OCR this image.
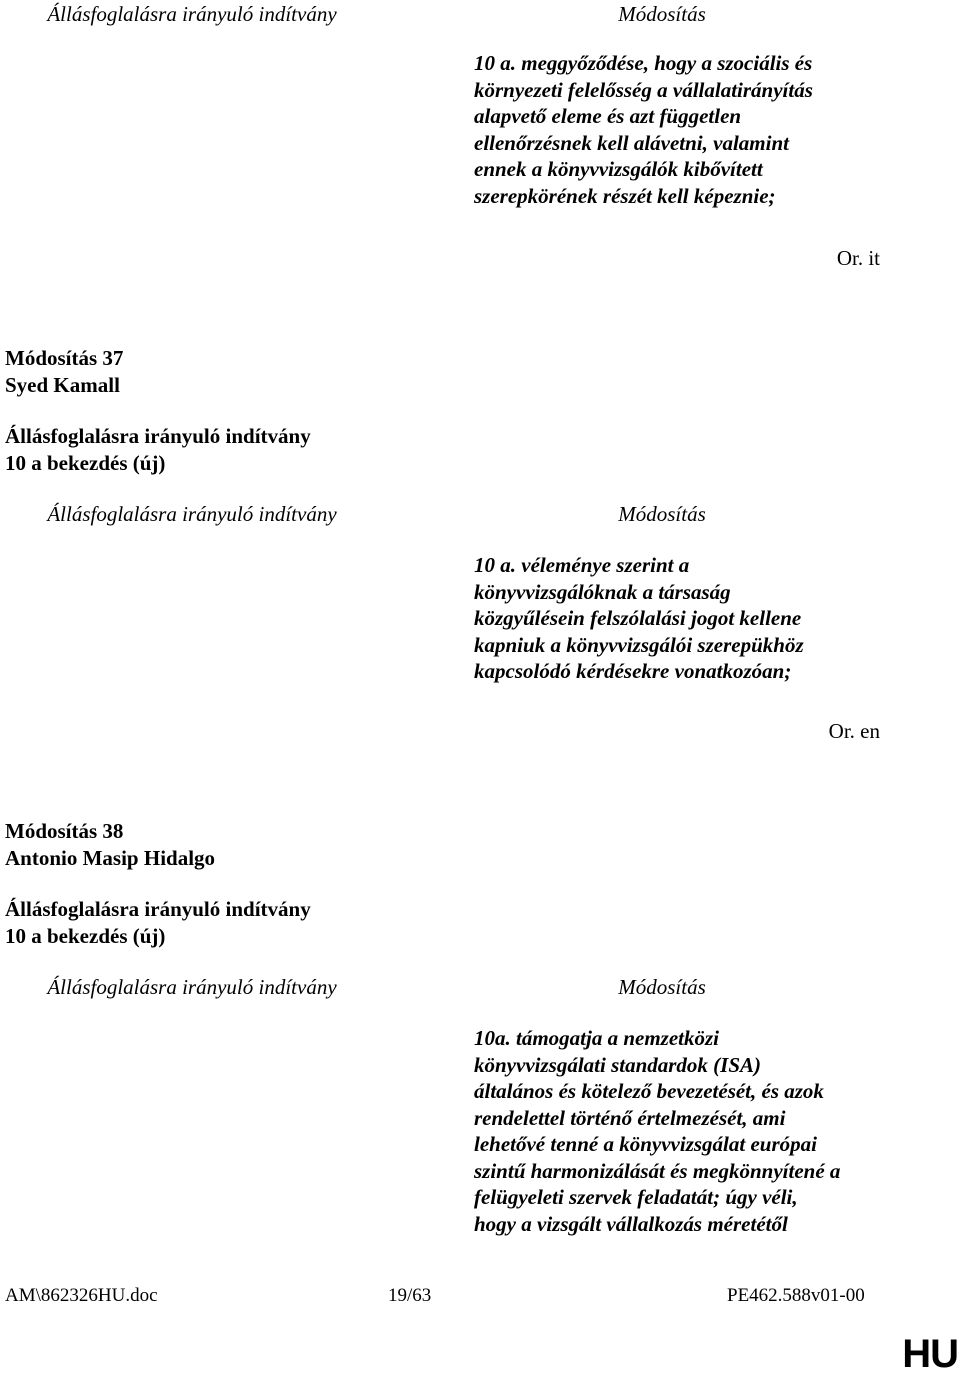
Állásfoglalásra irányuló indítvány	Módosítás
10 a. meggyőződése, hogy a szociális és
környezeti felelősség a vállalatirányítás
alapvető eleme és azt független
ellenőrzésnek kell alávetni, valamint
ennek a könyvvizsgálók kibővített
szerepkörének részét kell képeznie;
Or. it
Módosítás 37
Syed Kamall
Állásfoglalásra irányuló indítvány
10 a bekezdés (új)
Állásfoglalásra irányuló indítvány	Módosítás
10 a. véleménye szerint a
könyvvizsgálóknak a társaság
közgyűlésein felszólalási jogot kellene
kapniuk a könyvvizsgálói szerepükhöz
kapcsolódó kérdésekre vonatkozóan;
Or. en
Módosítás 38
Antonio Masip Hidalgo
Állásfoglalásra irányuló indítvány
10 a bekezdés (új)
Állásfoglalásra irányuló indítvány	Módosítás
10a. támogatja a nemzetközi
könyvvizsgálati standardok (ISA)
általános és kötelező bevezetését, és azok
rendelettel történő értelmezését, ami
lehetővé tenné a könyvvizsgálat európai
szintű harmonizálását és megkönnyítené a
felügyeleti szervek feladatát; úgy véli,
hogy a vizsgált vállalkozás méretétől
AM\862326HU.doc	19/63	PE462.588v01-00
HU
